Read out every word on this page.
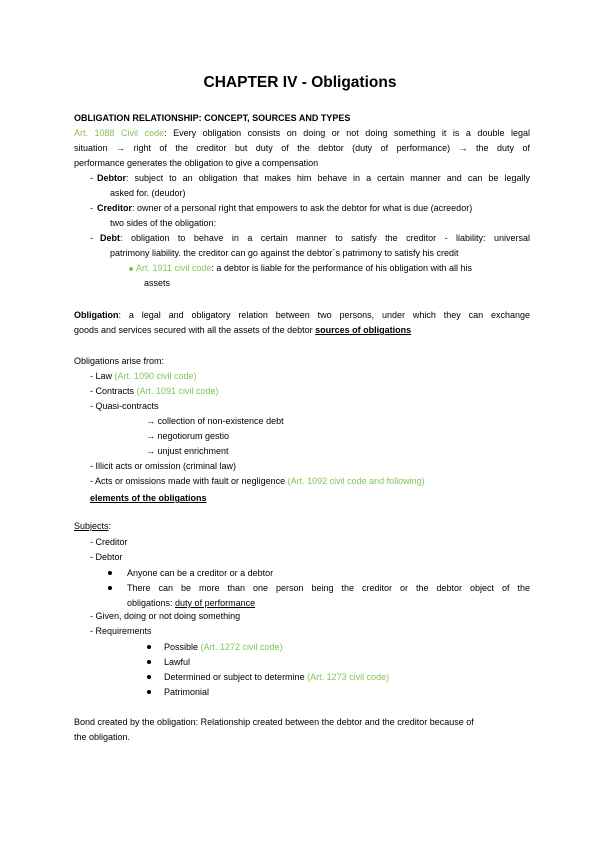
CHAPTER IV - Obligations
OBLIGATION RELATIONSHIP: CONCEPT, SOURCES AND TYPES
Art. 1088 Civil code: Every obligation consists on doing or not doing something it is a double legal
situation → right of the creditor but duty of the debtor (duty of performance) → the duty of
performance generates the obligation to give a compensation
- Debtor: subject to an obligation that makes him behave in a certain manner and can be legally
asked for. (deudor)
- Creditor: owner of a personal right that empowers to ask the debtor for what is due (acreedor)
two sides of the obligation:
- Debt: obligation to behave in a certain manner to satisfy the creditor - liability: universal
patrimony liability. the creditor can go against the debtor´s patrimony to satisfy his credit
Art. 1911 civil code: a debtor is liable for the performance of his obligation with all his
assets
Obligation: a legal and obligatory relation between two persons, under which they can exchange
goods and services secured with all the assets of the debtor sources of obligations
Obligations arise from:
- Law (Art. 1090 civil code)
- Contracts (Art. 1091 civil code)
- Quasi-contracts
→ collection of non-existence debt
→ negotiorum gestio
→ unjust enrichment
- Illicit acts or omission (criminal law)
- Acts or omissions made with fault or negligence (Art. 1092 civil code and following)
elements of the obligations
Subjects:
- Creditor
- Debtor
Anyone can be a creditor or a debtor
There can be more than one person being the creditor or the debtor object of the
obligations: duty of performance
- Given, doing or not doing something
- Requirements
Possible (Art. 1272 civil code)
Lawful
Determined or subject to determine (Art. 1273 civil code)
Patrimonial
Bond created by the obligation: Relationship created between the debtor and the creditor because of
the obligation.
